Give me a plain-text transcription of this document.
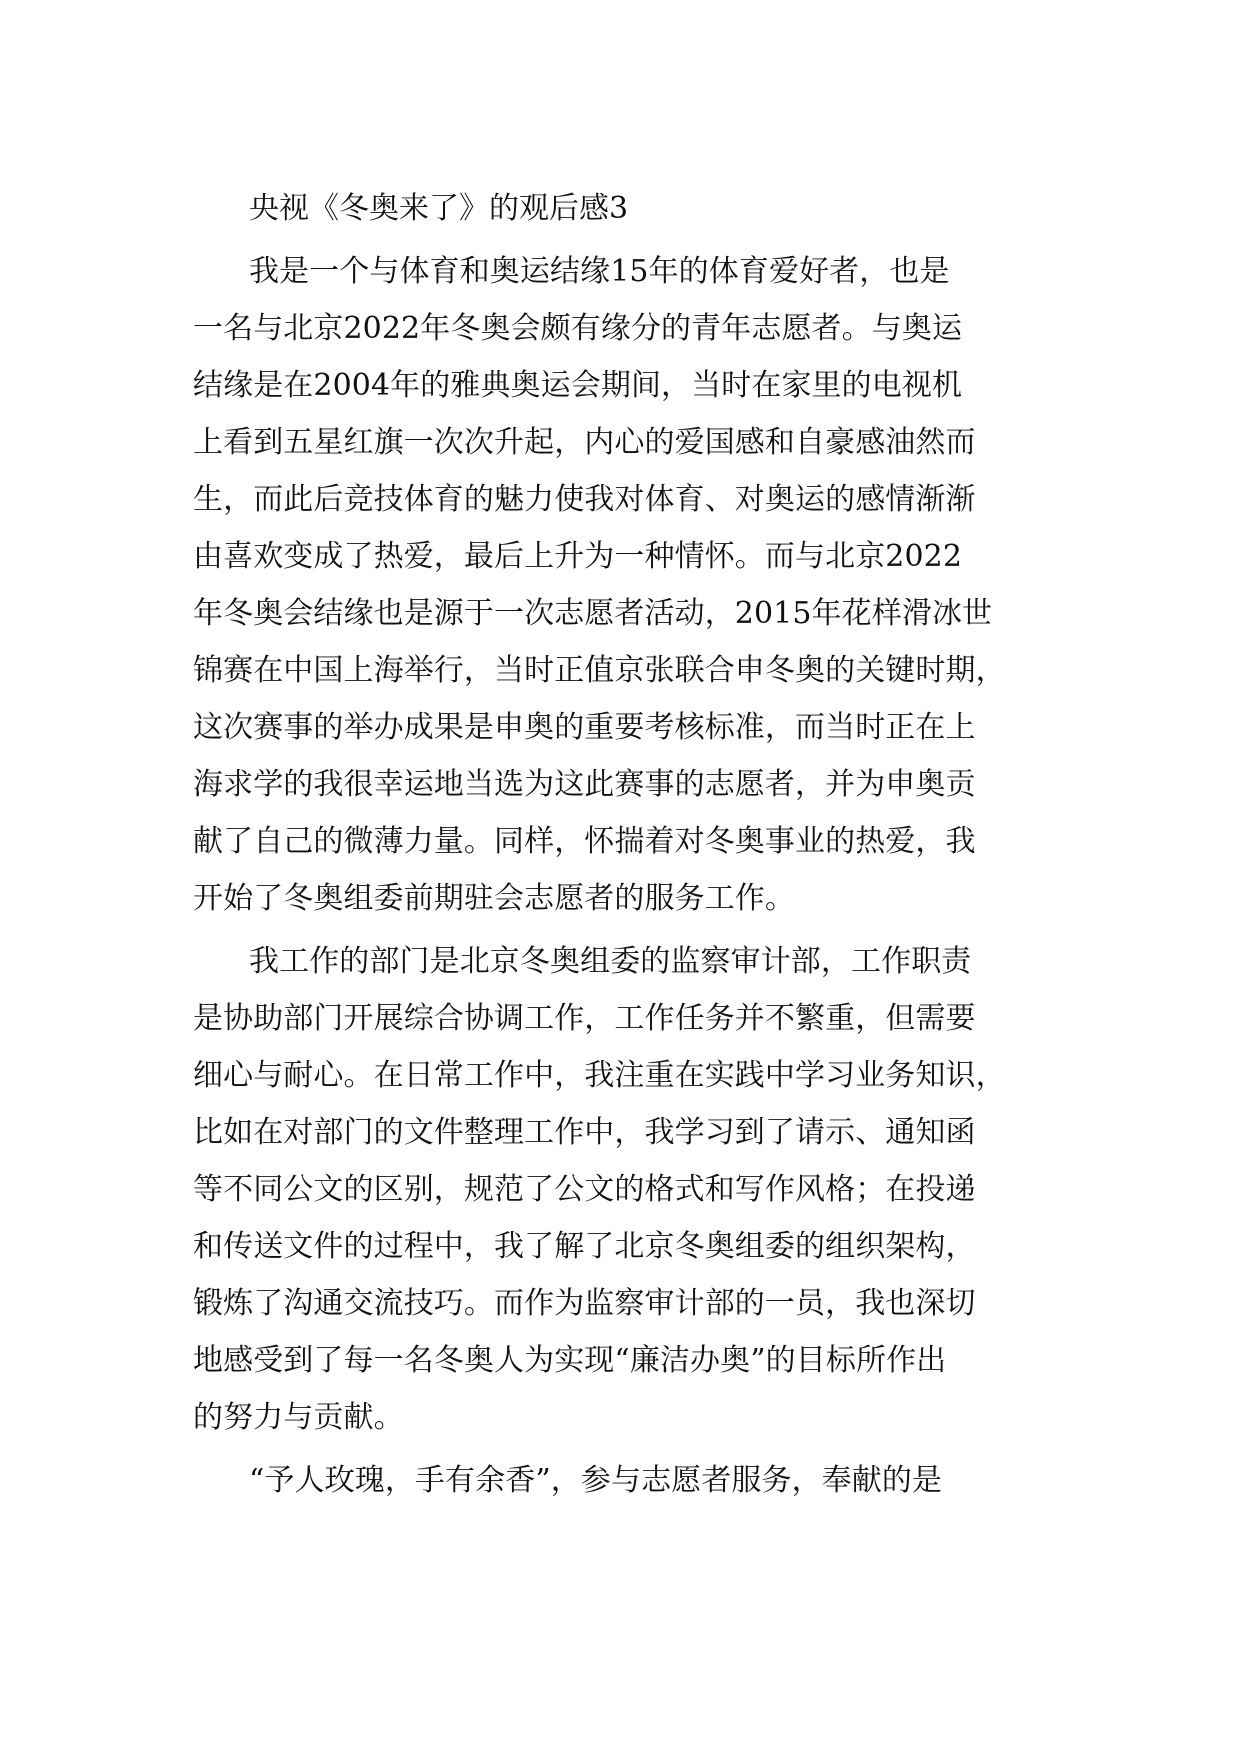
央视《冬奥来了》的观后感3
我是一个与体育和奥运结缘15年的体育爱好者，也是
一名与北京2022年冬奥会颇有缘分的青年志愿者。与奥运
结缘是在2004年的雅典奥运会期间，当时在家里的电视机
上看到五星红旗一次次升起，内心的爱国感和自豪感油然而
生，而此后竞技体育的魅力使我对体育、对奥运的感情渐渐
由喜欢变成了热爱，最后上升为一种情怀。而与北京2022
年冬奥会结缘也是源于一次志愿者活动，2015年花样滑冰世
锦赛在中国上海举行，当时正值京张联合申冬奥的关键时期，
这次赛事的举办成果是申奥的重要考核标准，而当时正在上
海求学的我很幸运地当选为这此赛事的志愿者，并为申奥贡
献了自己的微薄力量。同样，怀揣着对冬奥事业的热爱，我
开始了冬奥组委前期驻会志愿者的服务工作。
我工作的部门是北京冬奥组委的监察审计部，工作职责
是协助部门开展综合协调工作，工作任务并不繁重，但需要
细心与耐心。在日常工作中，我注重在实践中学习业务知识，
比如在对部门的文件整理工作中，我学习到了请示、通知函
等不同公文的区别，规范了公文的格式和写作风格；在投递
和传送文件的过程中，我了解了北京冬奥组委的组织架构，
锻炼了沟通交流技巧。而作为监察审计部的一员，我也深切
地感受到了每一名冬奥人为实现“廉洁办奥”的目标所作出
的努力与贡献。
“予人玫瑰，手有余香”，参与志愿者服务，奉献的是
